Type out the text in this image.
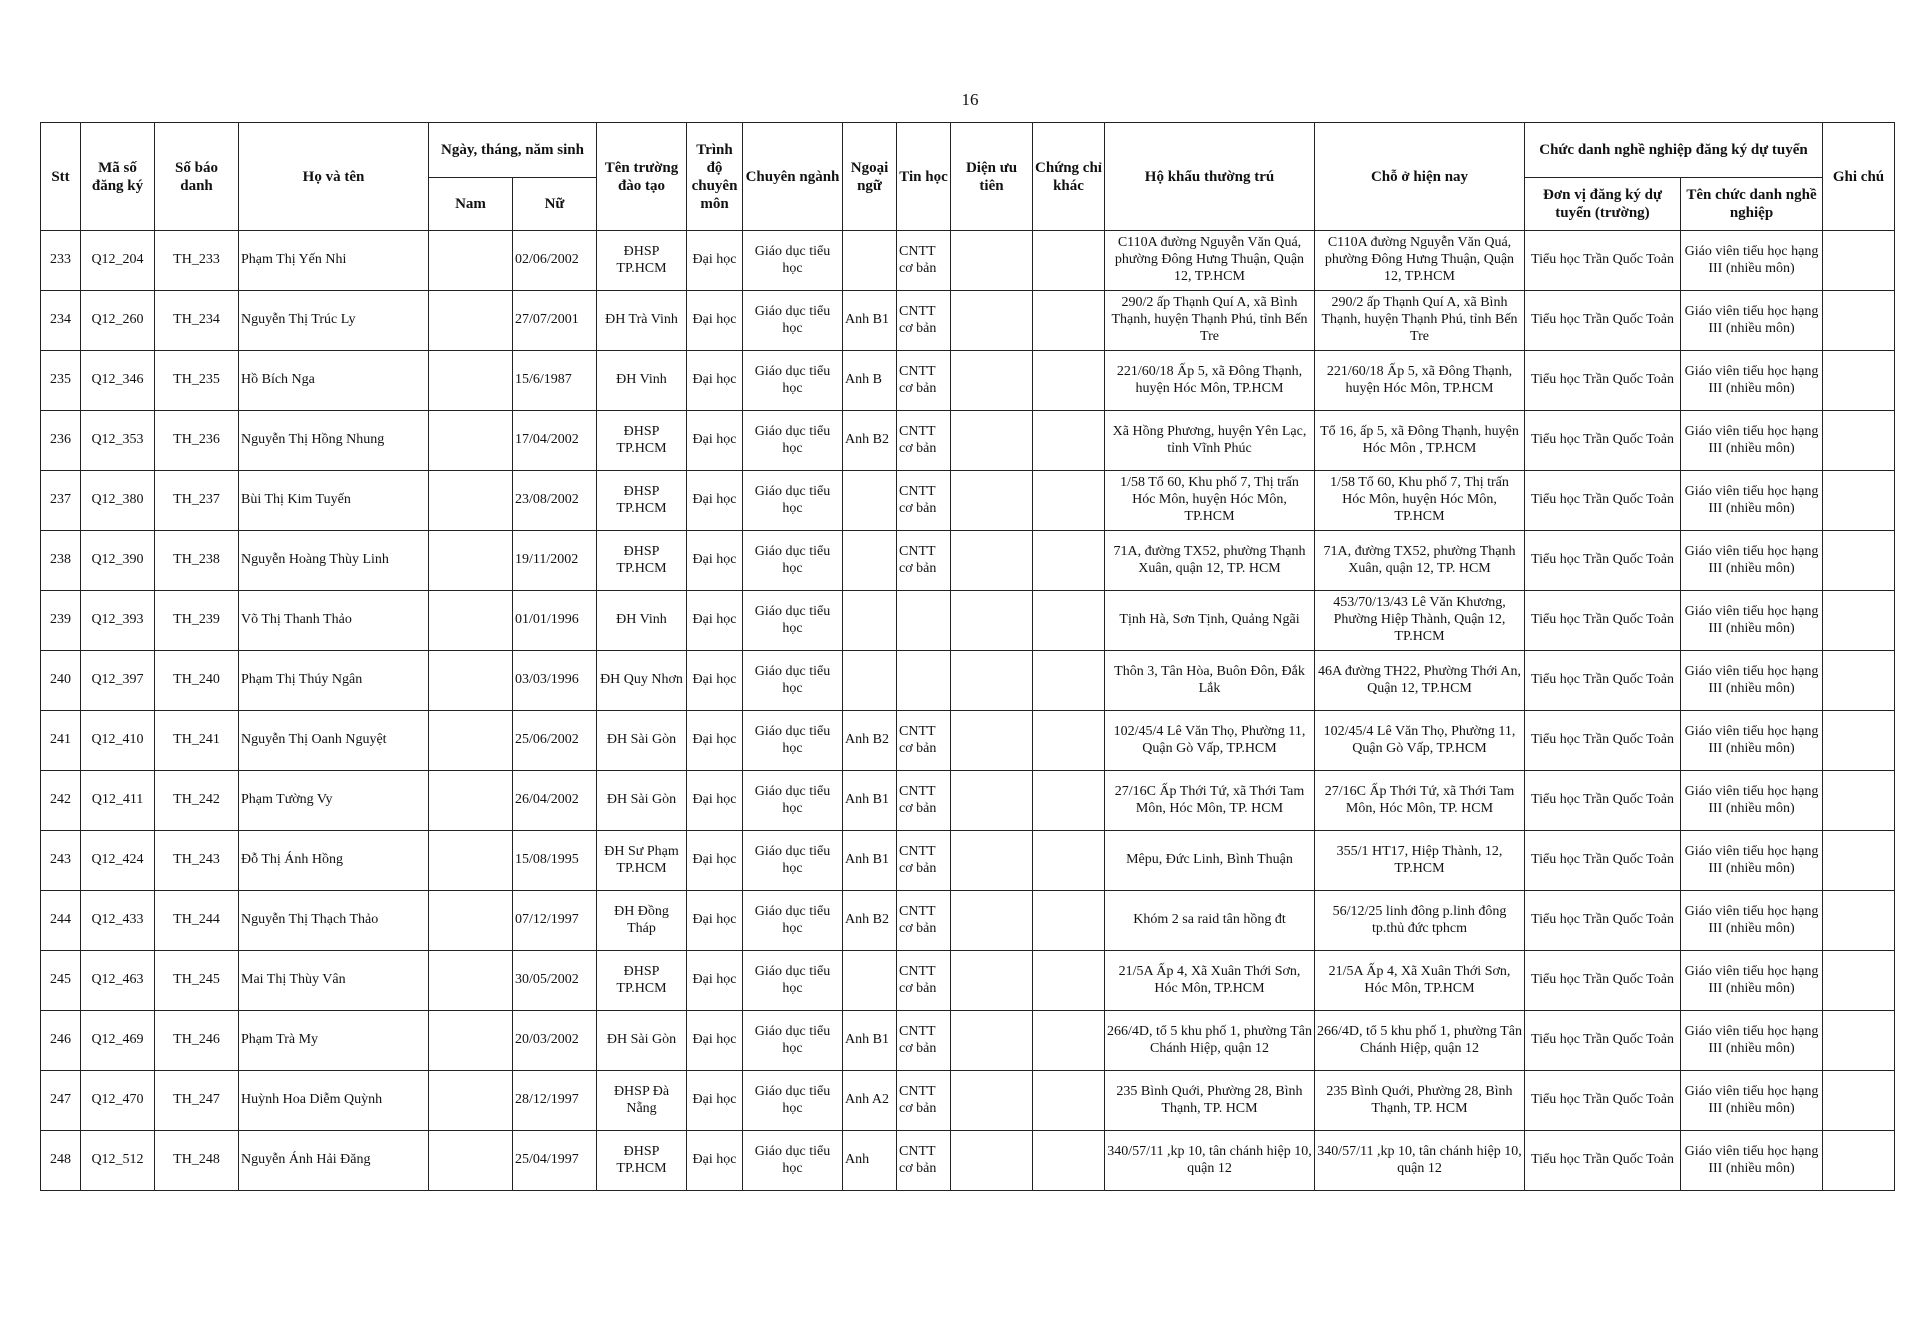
16
Stt	Mã số đăng ký	Số báo danh	Họ và tên	Ngày, tháng, năm sinh		Tên trường đào tạo	Trình độ chuyên môn	Chuyên ngành	Ngoại ngữ	Tin học	Diện ưu tiên	Chứng chỉ khác	Hộ khẩu thường trú	Chỗ ở hiện nay	Chức danh nghề nghiệp đăng ký dự tuyển		Ghi chú
				Nam	Nữ										Đơn vị đăng ký dự tuyển (trường)	Tên chức danh nghề nghiệp	
233	Q12_204	TH_233	Phạm Thị Yến Nhi		02/06/2002	ĐHSP TP.HCM	Đại học	Giáo dục tiểu học		CNTT cơ bản			C110A đường Nguyễn Văn Quá, phường Đông Hưng Thuận, Quận 12, TP.HCM	C110A đường Nguyễn Văn Quá, phường Đông Hưng Thuận, Quận 12, TP.HCM	Tiểu học Trần Quốc Toản	Giáo viên tiểu học hạng III (nhiều môn)	
234	Q12_260	TH_234	Nguyễn Thị Trúc Ly		27/07/2001	ĐH Trà Vinh	Đại học	Giáo dục tiểu học	Anh B1	CNTT cơ bản			290/2 ấp Thạnh Quí A, xã Bình Thạnh, huyện Thạnh Phú, tỉnh Bến Tre	290/2 ấp Thạnh Quí A, xã Bình Thạnh, huyện Thạnh Phú, tỉnh Bến Tre	Tiểu học Trần Quốc Toản	Giáo viên tiểu học hạng III (nhiều môn)	
235	Q12_346	TH_235	Hồ Bích Nga		15/6/1987	ĐH Vinh	Đại học	Giáo dục tiểu học	Anh B	CNTT cơ bản			221/60/18 Ấp 5, xã Đông Thạnh, huyện Hóc Môn, TP.HCM	221/60/18 Ấp 5, xã Đông Thạnh, huyện Hóc Môn, TP.HCM	Tiểu học Trần Quốc Toản	Giáo viên tiểu học hạng III (nhiều môn)	
236	Q12_353	TH_236	Nguyễn Thị Hồng Nhung		17/04/2002	ĐHSP TP.HCM	Đại học	Giáo dục tiểu học	Anh B2	CNTT cơ bản			Xã Hồng Phương, huyện Yên Lạc, tỉnh Vĩnh Phúc	Tổ 16, ấp 5, xã Đông Thạnh, huyện Hóc Môn , TP.HCM	Tiểu học Trần Quốc Toản	Giáo viên tiểu học hạng III (nhiều môn)	
237	Q12_380	TH_237	Bùi Thị Kim Tuyến		23/08/2002	ĐHSP TP.HCM	Đại học	Giáo dục tiểu học		CNTT cơ bản			1/58 Tổ 60, Khu phố 7, Thị trấn Hóc Môn, huyện Hóc Môn, TP.HCM	1/58 Tổ 60, Khu phố 7, Thị trấn Hóc Môn, huyện Hóc Môn, TP.HCM	Tiểu học Trần Quốc Toản	Giáo viên tiểu học hạng III (nhiều môn)	
238	Q12_390	TH_238	Nguyễn Hoàng Thùy Linh		19/11/2002	ĐHSP TP.HCM	Đại học	Giáo dục tiểu học		CNTT cơ bản			71A, đường TX52, phường Thạnh Xuân, quận 12, TP. HCM	71A, đường TX52, phường Thạnh Xuân, quận 12, TP. HCM	Tiểu học Trần Quốc Toản	Giáo viên tiểu học hạng III (nhiều môn)	
239	Q12_393	TH_239	Võ Thị Thanh Thảo		01/01/1996	ĐH Vinh	Đại học	Giáo dục tiểu học					Tịnh Hà, Sơn Tịnh, Quảng Ngãi	453/70/13/43 Lê Văn Khương, Phường Hiệp Thành, Quận 12, TP.HCM	Tiểu học Trần Quốc Toản	Giáo viên tiểu học hạng III (nhiều môn)	
240	Q12_397	TH_240	Phạm Thị Thúy Ngân		03/03/1996	ĐH Quy Nhơn	Đại học	Giáo dục tiểu học					Thôn 3, Tân Hòa, Buôn Đôn, Đắk Lắk	46A đường TH22, Phường Thới An, Quận 12, TP.HCM	Tiểu học Trần Quốc Toản	Giáo viên tiểu học hạng III (nhiều môn)	
241	Q12_410	TH_241	Nguyễn Thị Oanh Nguyệt		25/06/2002	ĐH Sài Gòn	Đại học	Giáo dục tiểu học	Anh B2	CNTT cơ bản			102/45/4 Lê Văn Thọ, Phường 11, Quận Gò Vấp, TP.HCM	102/45/4 Lê Văn Thọ, Phường 11, Quận Gò Vấp, TP.HCM	Tiểu học Trần Quốc Toản	Giáo viên tiểu học hạng III (nhiều môn)	
242	Q12_411	TH_242	Phạm Tường Vy		26/04/2002	ĐH Sài Gòn	Đại học	Giáo dục tiểu học	Anh B1	CNTT cơ bản			27/16C Ấp Thới Tứ, xã Thới Tam Môn, Hóc Môn, TP. HCM	27/16C Ấp Thới Tứ, xã Thới Tam Môn, Hóc Môn, TP. HCM	Tiểu học Trần Quốc Toản	Giáo viên tiểu học hạng III (nhiều môn)	
243	Q12_424	TH_243	Đỗ Thị Ánh Hồng		15/08/1995	ĐH Sư Phạm TP.HCM	Đại học	Giáo dục tiểu học	Anh B1	CNTT cơ bản			Mêpu, Đức Linh, Bình Thuận	355/1 HT17, Hiệp Thành, 12, TP.HCM	Tiểu học Trần Quốc Toản	Giáo viên tiểu học hạng III (nhiều môn)	
244	Q12_433	TH_244	Nguyễn Thị Thạch Thảo		07/12/1997	ĐH Đồng Tháp	Đại học	Giáo dục tiểu học	Anh B2	CNTT cơ bản			Khóm 2 sa raid tân hồng đt	56/12/25 linh đông p.linh đông tp.thủ đức tphcm	Tiểu học Trần Quốc Toản	Giáo viên tiểu học hạng III (nhiều môn)	
245	Q12_463	TH_245	Mai Thị Thùy Vân		30/05/2002	ĐHSP TP.HCM	Đại học	Giáo dục tiểu học		CNTT cơ bản			21/5A Ấp 4, Xã Xuân Thới Sơn, Hóc Môn, TP.HCM	21/5A Ấp 4, Xã Xuân Thới Sơn, Hóc Môn, TP.HCM	Tiểu học Trần Quốc Toản	Giáo viên tiểu học hạng III (nhiều môn)	
246	Q12_469	TH_246	Phạm Trà My		20/03/2002	ĐH Sài Gòn	Đại học	Giáo dục tiểu học	Anh B1	CNTT cơ bản			266/4D, tổ 5 khu phố 1, phường Tân Chánh Hiệp, quận 12	266/4D, tổ 5 khu phố 1, phường Tân Chánh Hiệp, quận 12	Tiểu học Trần Quốc Toản	Giáo viên tiểu học hạng III (nhiều môn)	
247	Q12_470	TH_247	Huỳnh Hoa Diễm Quỳnh		28/12/1997	ĐHSP Đà Nẵng	Đại học	Giáo dục tiểu học	Anh A2	CNTT cơ bản			235 Bình Quới, Phường 28, Bình Thạnh, TP. HCM	235 Bình Quới, Phường 28, Bình Thạnh, TP. HCM	Tiểu học Trần Quốc Toản	Giáo viên tiểu học hạng III (nhiều môn)	
248	Q12_512	TH_248	Nguyễn Ánh Hải Đăng		25/04/1997	ĐHSP TP.HCM	Đại học	Giáo dục tiểu học	Anh	CNTT cơ bản			340/57/11 ,kp 10, tân chánh hiệp 10, quận 12	340/57/11 ,kp 10, tân chánh hiệp 10, quận 12	Tiểu học Trần Quốc Toản	Giáo viên tiểu học hạng III (nhiều môn)	
